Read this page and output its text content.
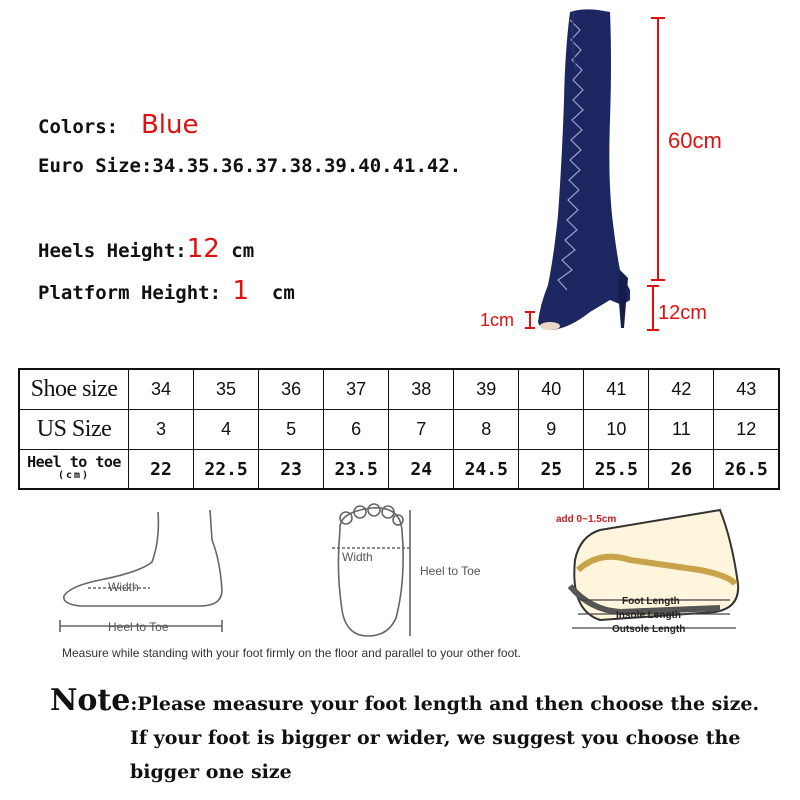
Colors: Blue
Euro Size:34.35.36.37.38.39.40.41.42.
Heels Height:12 cm
Platform Height: 1 cm
60cm
12cm
1cm
Shoe size	34	35	36	37	38	39	40	41	42	43
US Size	3	4	5	6	7	8	9	10	11	12
Heel to toe
(cm)	22	22.5	23	23.5	24	24.5	25	25.5	26	26.5
Width
Heel to Toe
Width
Heel to Toe
add 0~1.5cm
Foot Length
Insole Length
Outsole Length
Measure while standing with your foot firmly on the floor and parallel to your other foot.
Note:Please measure your foot length and then choose the size.
If your foot is bigger or wider, we suggest you choose the
bigger one size
